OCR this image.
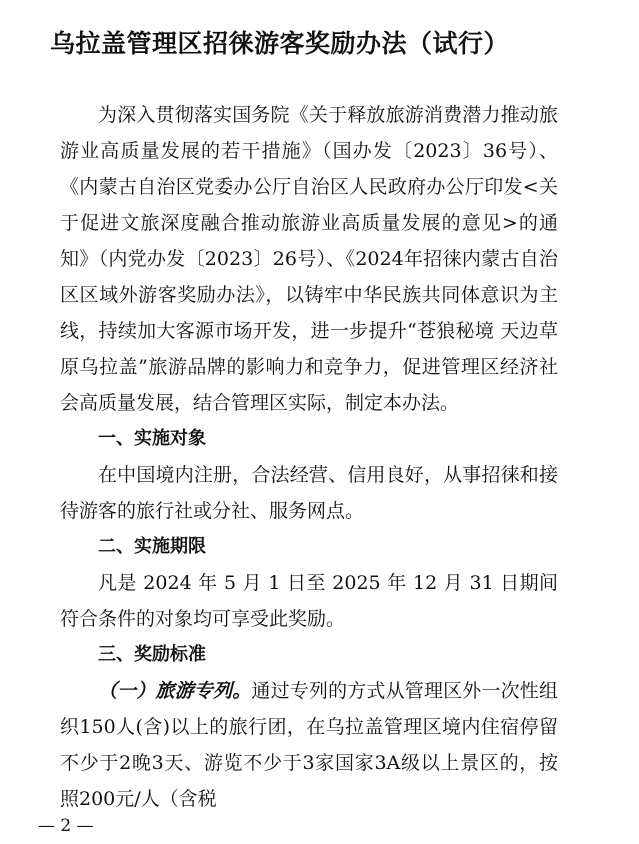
乌拉盖管理区招徕游客奖励办法（试行）

为深入贯彻落实国务院《关于释放旅游消费潜力推动旅游业高质量发展的若干措施》（国办发〔2023〕36号）、《内蒙古自治区党委办公厅自治区人民政府办公厅印发<关于促进文旅深度融合推动旅游业高质量发展的意见>的通知》（内党办发〔2023〕26号）、《2024年招徕内蒙古自治区区域外游客奖励办法》，以铸牢中华民族共同体意识为主线，持续加大客源市场开发，进一步提升“苍狼秘境 天边草原乌拉盖”旅游品牌的影响力和竞争力，促进管理区经济社会高质量发展，结合管理区实际，制定本办法。

一、实施对象

在中国境内注册，合法经营、信用良好，从事招徕和接待游客的旅行社或分社、服务网点。

二、实施期限

凡是 2024 年 5 月 1 日至 2025 年 12 月 31 日期间符合条件的对象均可享受此奖励。

三、奖励标准

（一）旅游专列。通过专列的方式从管理区外一次性组织150人(含)以上的旅行团，在乌拉盖管理区境内住宿停留不少于2晚3天、游览不少于3家国家3A级以上景区的，按照200元/人（含税

— 2 —
